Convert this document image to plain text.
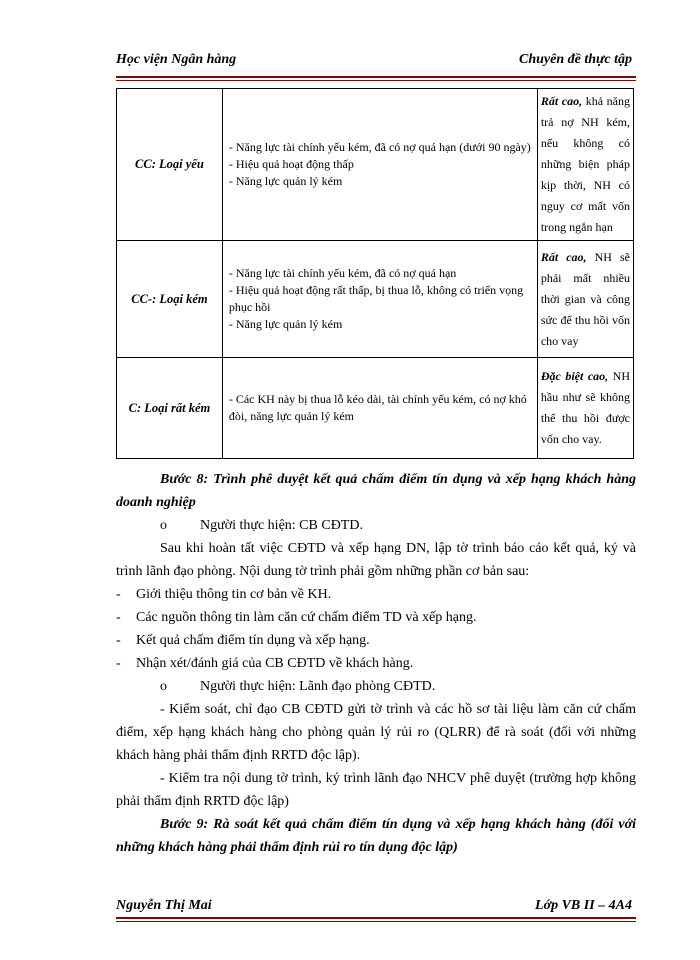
Học viện Ngân hàng	Chuyên đề thực tập
CC: Loại yếu	- Năng lực tài chính yếu kém, đã có nợ quá hạn (dưới 90 ngày)
- Hiệu quả hoạt động thấp
- Năng lực quản lý kém	Rất cao, khả năng trả nợ NH kém, nếu không có những biện pháp kịp thời, NH có nguy cơ mất vốn trong ngắn hạn
CC-: Loại kém	- Năng lực tài chính yếu kém, đã có nợ quá hạn
- Hiệu quả hoạt động rất thấp, bị thua lỗ, không có triển vọng phục hồi
- Năng lực quản lý kém	Rất cao, NH sẽ phải mất nhiều thời gian và công sức để thu hồi vốn cho vay
C: Loại rất kém	- Các KH này bị thua lỗ kéo dài, tài chính yếu kém, có nợ khó đòi, năng lực quản lý kém	Đặc biệt cao, NH hầu như sẽ không thể thu hồi được vốn cho vay.
Bước 8: Trình phê duyệt kết quả chấm điểm tín dụng và xếp hạng khách hàng doanh nghiệp
o	Người thực hiện: CB CĐTD.
Sau khi hoàn tất việc CĐTD và xếp hạng DN, lập tờ trình báo cáo kết quả, ký và trình lãnh đạo phòng. Nội dung tờ trình phải gồm những phần cơ bản sau:
-	Giới thiệu thông tin cơ bản về KH.
-	Các nguồn thông tin làm căn cứ chấm điểm TD và xếp hạng.
-	Kết quả chấm điểm tín dụng và xếp hạng.
-	Nhận xét/đánh giá của CB CĐTD về khách hàng.
o	Người thực hiện: Lãnh đạo phòng CĐTD.
- Kiểm soát, chỉ đạo CB CĐTD gửi tờ trình và các hồ sơ tài liệu làm căn cứ chấm điểm, xếp hạng khách hàng cho phòng quản lý rủi ro (QLRR) để rà soát (đối với những khách hàng phải thẩm định RRTD độc lập).
- Kiểm tra nội dung tờ trình, ký trình lãnh đạo NHCV phê duyệt (trường hợp không phải thẩm định RRTD độc lập)
Bước 9: Rà soát kết quả chấm điểm tín dụng và xếp hạng khách hàng (đối với những khách hàng phải thẩm định rủi ro tín dụng độc lập)
Nguyễn Thị Mai	Lớp VB II – 4A4
